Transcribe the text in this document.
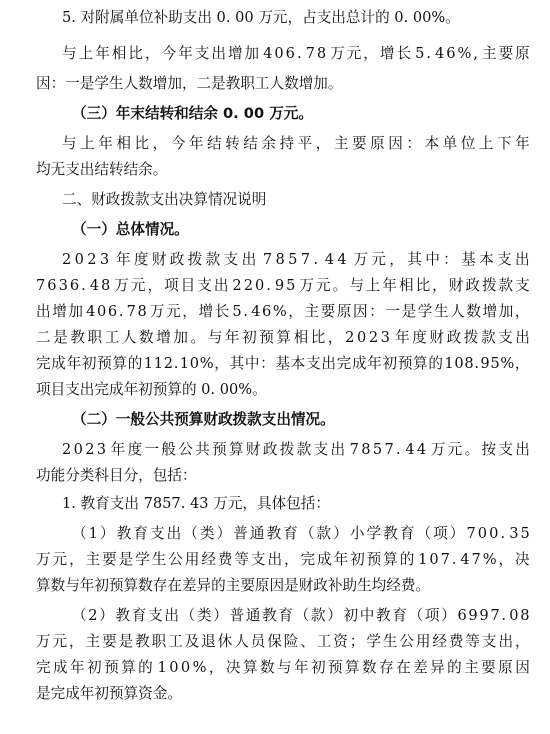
5. 对附属单位补助支出 0. 00 万元，占支出总计的 0. 00%。
与 上 年 相 比 ， 今 年 支 出 增 加 4 0 6 . 7 8 万 元 ， 增 长 5 . 4 6 % , 主 要 原
因：一是学生人数增加，二是教职工人数增加。
（三）年末结转和结余 0. 00 万元。
与 上 年 相 比 ， 今 年 结 转 结 余 持 平 ， 主 要 原 因 ： 本 单 位 上 下 年
均无支出结转结余。
二、财政拨款支出决算情况说明
（一）总体情况。
2 0 2 3 年 度 财 政 拨 款 支 出 7 8 5 7 . 4 4 万 元 ， 其 中 ： 基 本 支 出
7 6 3 6 . 4 8 万 元 ， 项 目 支 出 2 2 0 . 9 5 万 元 。 与 上 年 相 比 ， 财 政 拨 款 支
出 增 加 4 0 6 . 7 8 万 元 ， 增 长 5 . 4 6 % ， 主 要 原 因 ： 一 是 学 生 人 数 增 加 ，
二 是 教 职 工 人 数 增 加 。 与 年 初 预 算 相 比 ， 2 0 2 3 年 度 财 政 拨 款 支 出
完 成 年 初 预 算 的 1 1 2 . 1 0 % ， 其 中 ： 基 本 支 出 完 成 年 初 预 算 的 1 0 8 . 9 5 % ，
项目支出完成年初预算的 0. 00%。
（二）一般公共预算财政拨款支出情况。
2 0 2 3 年 度 一 般 公 共 预 算 财 政 拨 款 支 出 7 8 5 7 . 4 4 万 元 。 按 支 出
功能分类科目分，包括：
1. 教育支出 7857. 43 万元，具体包括：
（ 1 ） 教 育 支 出 （ 类 ） 普 通 教 育 （ 款 ） 小 学 教 育 （ 项 ） 7 0 0 . 3 5
万 元 ， 主 要 是 学 生 公 用 经 费 等 支 出 ， 完 成 年 初 预 算 的 1 0 7 . 4 7 % ， 决
算数与年初预算数存在差异的主要原因是财政补助生均经费。
（ 2 ） 教 育 支 出 （ 类 ） 普 通 教 育 （ 款 ） 初 中 教 育 （ 项 ） 6 9 9 7 . 0 8
万 元 ， 主 要 是 教 职 工 及 退 休 人 员 保 险 、 工 资 ； 学 生 公 用 经 费 等 支 出 ，
完 成 年 初 预 算 的 1 0 0 % ， 决 算 数 与 年 初 预 算 数 存 在 差 异 的 主 要 原 因
是完成年初预算资金。
